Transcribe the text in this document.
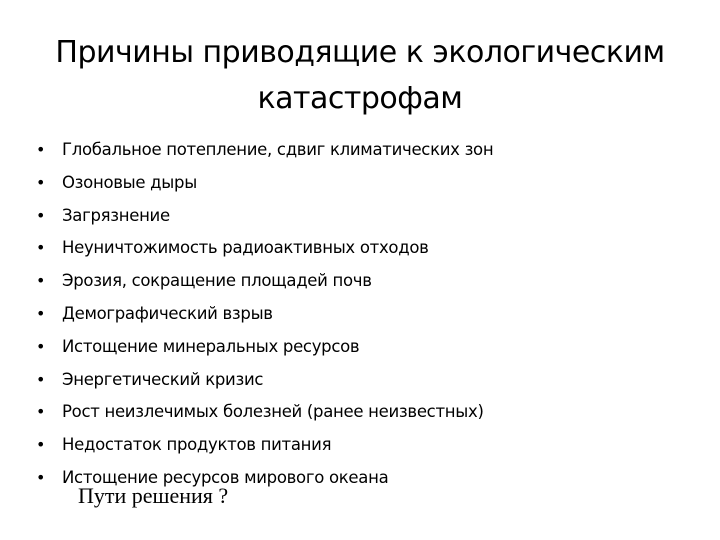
Причины приводящие к экологическим катастрофам
• Глобальное потепление, сдвиг климатических зон
• Озоновые дыры
• Загрязнение
• Неуничтожимость радиоактивных отходов
• Эрозия, сокращение площадей почв
• Демографический взрыв
• Истощение минеральных ресурсов
• Энергетический кризис
• Рост неизлечимых болезней (ранее неизвестных)
• Недостаток продуктов питания
• Истощение ресурсов мирового океана
Пути решения ?
